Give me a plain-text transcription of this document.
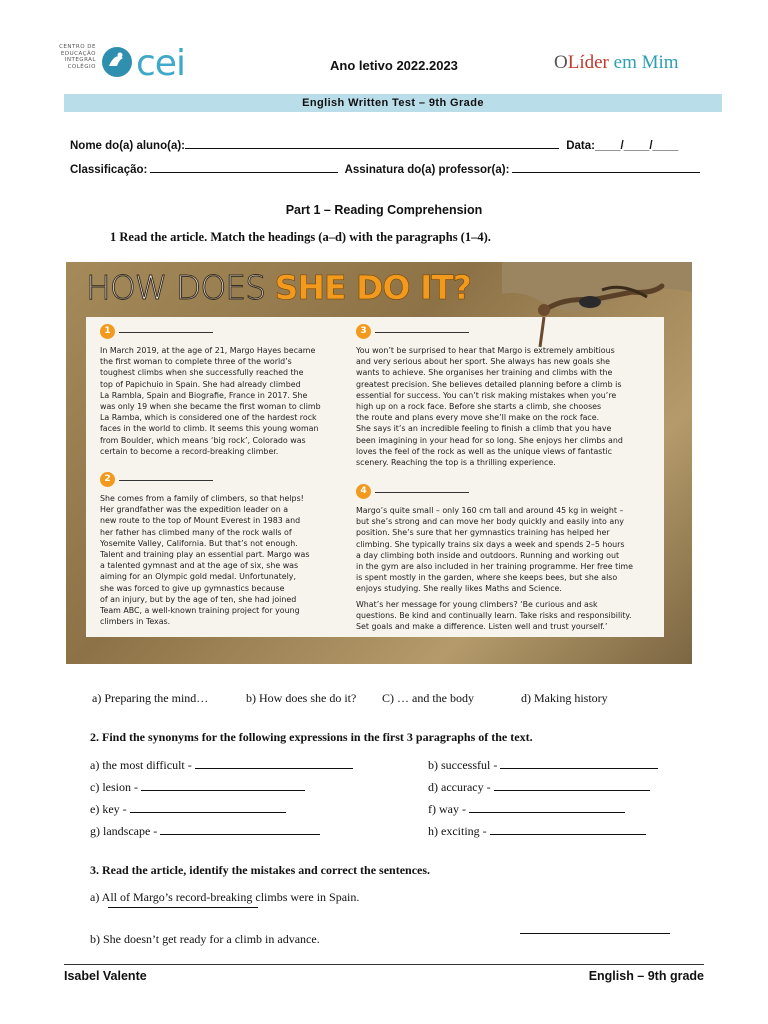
CENTRO DE
EDUCAÇÃO
INTEGRAL
COLÉGIO cei	Ano letivo 2022.2023	OLíder em Mim
English Written Test – 9th Grade
Nome do(a) aluno(a):	Data:____/____/____
Classificação:	Assinatura do(a) professor(a):
Part 1 – Reading Comprehension
1 Read the article. Match the headings (a–d) with the paragraphs (1–4).
HOW DOES SHE DO IT?
1

In March 2019, at the age of 21, Margo Hayes became

the first woman to complete three of the world’s

toughest climbs when she successfully reached the

top of Papichuio in Spain. She had already climbed

La Rambla, Spain and Biografie, France in 2017. She

was only 19 when she became the first woman to climb

La Ramba, which is considered one of the hardest rock

faces in the world to climb. It seems this young woman

from Boulder, which means ‘big rock’, Colorado was

certain to become a record-breaking climber.

2

She comes from a family of climbers, so that helps!

Her grandfather was the expedition leader on a

new route to the top of Mount Everest in 1983 and

her father has climbed many of the rock walls of

Yosemite Valley, California. But that’s not enough.

Talent and training play an essential part. Margo was

a talented gymnast and at the age of six, she was

aiming for an Olympic gold medal. Unfortunately,

she was forced to give up gymnastics because

of an injury, but by the age of ten, she had joined

Team ABC, a well-known training project for young

climbers in Texas.

3

You won’t be surprised to hear that Margo is extremely ambitious

and very serious about her sport. She always has new goals she

wants to achieve. She organises her training and climbs with the

greatest precision. She believes detailed planning before a climb is

essential for success. You can’t risk making mistakes when you’re

high up on a rock face. Before she starts a climb, she chooses

the route and plans every move she’ll make on the rock face.

She says it’s an incredible feeling to finish a climb that you have

been imagining in your head for so long. She enjoys her climbs and

loves the feel of the rock as well as the unique views of fantastic

scenery. Reaching the top is a thrilling experience.

4

Margo’s quite small – only 160 cm tall and around 45 kg in weight –

but she’s strong and can move her body quickly and easily into any

position. She’s sure that her gymnastics training has helped her

climbing. She typically trains six days a week and spends 2–5 hours

a day climbing both inside and outdoors. Running and working out

in the gym are also included in her training programme. Her free time

is spent mostly in the garden, where she keeps bees, but she also

enjoys studying. She really likes Maths and Science.

What’s her message for young climbers? ‘Be curious and ask

questions. Be kind and continually learn. Take risks and responsibility.

Set goals and make a difference. Listen well and trust yourself.’

a) Preparing the mind…	b) How does she do it? C) … and the body	d) Making history
2. Find the synonyms for the following expressions in the first 3 paragraphs of the text.
a) the most difficult -	b) successful -
c) lesion -	d) accuracy -
e) key -	f) way -
g) landscape -	h) exciting -
3. Read the article, identify the mistakes and correct the sentences.
a) All of Margo’s record-breaking climbs were in Spain.
b) She doesn’t get ready for a climb in advance.
Isabel Valente	English – 9th grade
